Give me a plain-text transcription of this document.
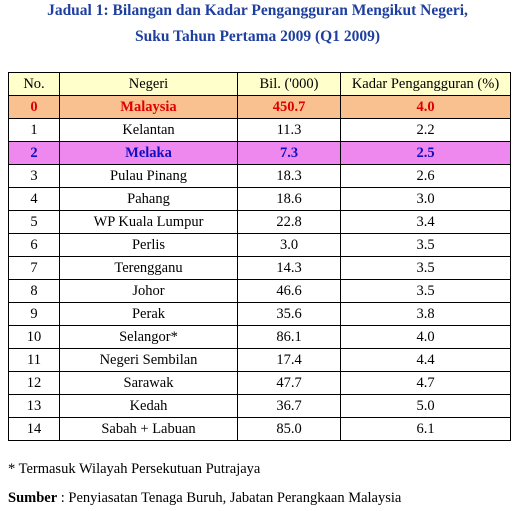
Jadual 1: Bilangan dan Kadar Pengangguran Mengikut Negeri,
Suku Tahun Pertama 2009 (Q1 2009)
No.	Negeri	Bil. ('000)	Kadar Pengangguran (%)
0	Malaysia	450.7	4.0
1	Kelantan	11.3	2.2
2	Melaka	7.3	2.5
3	Pulau Pinang	18.3	2.6
4	Pahang	18.6	3.0
5	WP Kuala Lumpur	22.8	3.4
6	Perlis	3.0	3.5
7	Terengganu	14.3	3.5
8	Johor	46.6	3.5
9	Perak	35.6	3.8
10	Selangor*	86.1	4.0
11	Negeri Sembilan	17.4	4.4
12	Sarawak	47.7	4.7
13	Kedah	36.7	5.0
14	Sabah + Labuan	85.0	6.1
* Termasuk Wilayah Persekutuan Putrajaya
Sumber : Penyiasatan Tenaga Buruh, Jabatan Perangkaan Malaysia
